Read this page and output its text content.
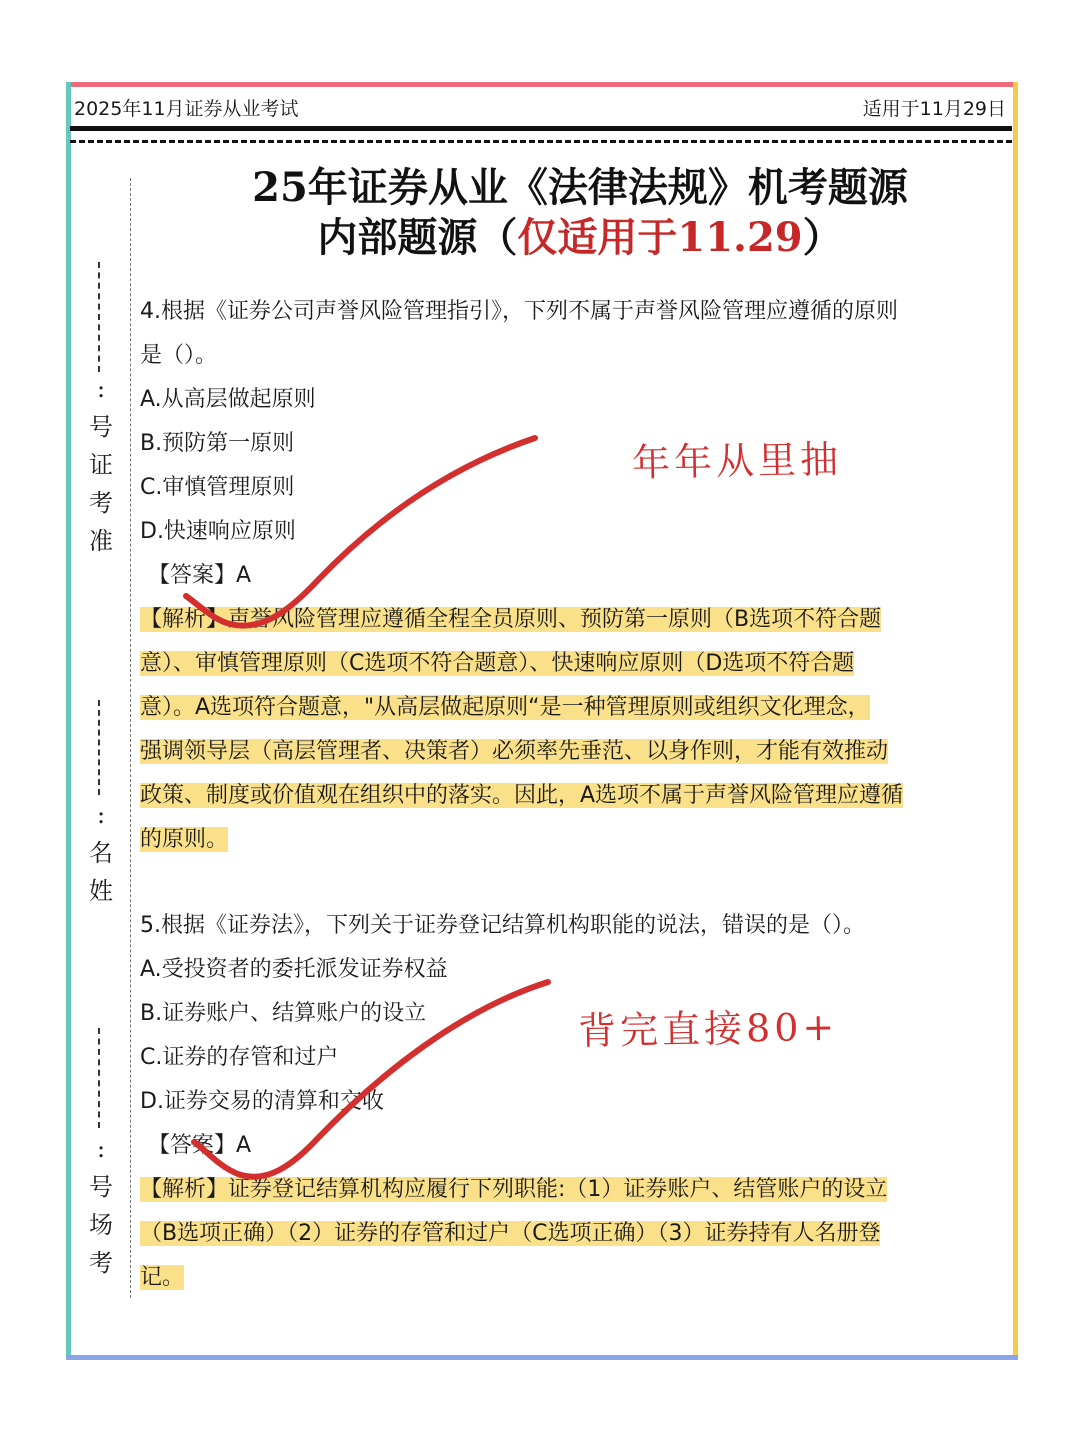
2025年11月证券从业考试	适用于11月29日
:
号
证
考
准
:
名
姓
:
号
场
考
25年证券从业《法律法规》机考题源
内部题源（仅适用于11.29）
4.根据《证券公司声誉风险管理指引》，下列不属于声誉风险管理应遵循的原则
是（）。
A.从高层做起原则
B.预防第一原则
C.审慎管理原则
D.快速响应原则
【答案】A
【解析】声誉风险管理应遵循全程全员原则、预防第一原则（B选项不符合题
意）、审慎管理原则（C选项不符合题意）、快速响应原则（D选项不符合题
意）。A选项符合题意，"从高层做起原则“是一种管理原则或组织文化理念，
强调领导层（高层管理者、决策者）必须率先垂范、以身作则，才能有效推动
政策、制度或价值观在组织中的落实。因此，A选项不属于声誉风险管理应遵循
的原则。
5.根据《证券法》，下列关于证券登记结算机构职能的说法，错误的是（）。
A.受投资者的委托派发证券权益
B.证券账户、结算账户的设立
C.证券的存管和过户
D.证券交易的清算和交收
【答案】A
【解析】证券登记结算机构应履行下列职能:（1）证券账户、结管账户的设立
（B选项正确）（2）证券的存管和过户（C选项正确）（3）证券持有人名册登
记。
年年从里抽
背完直接80+
